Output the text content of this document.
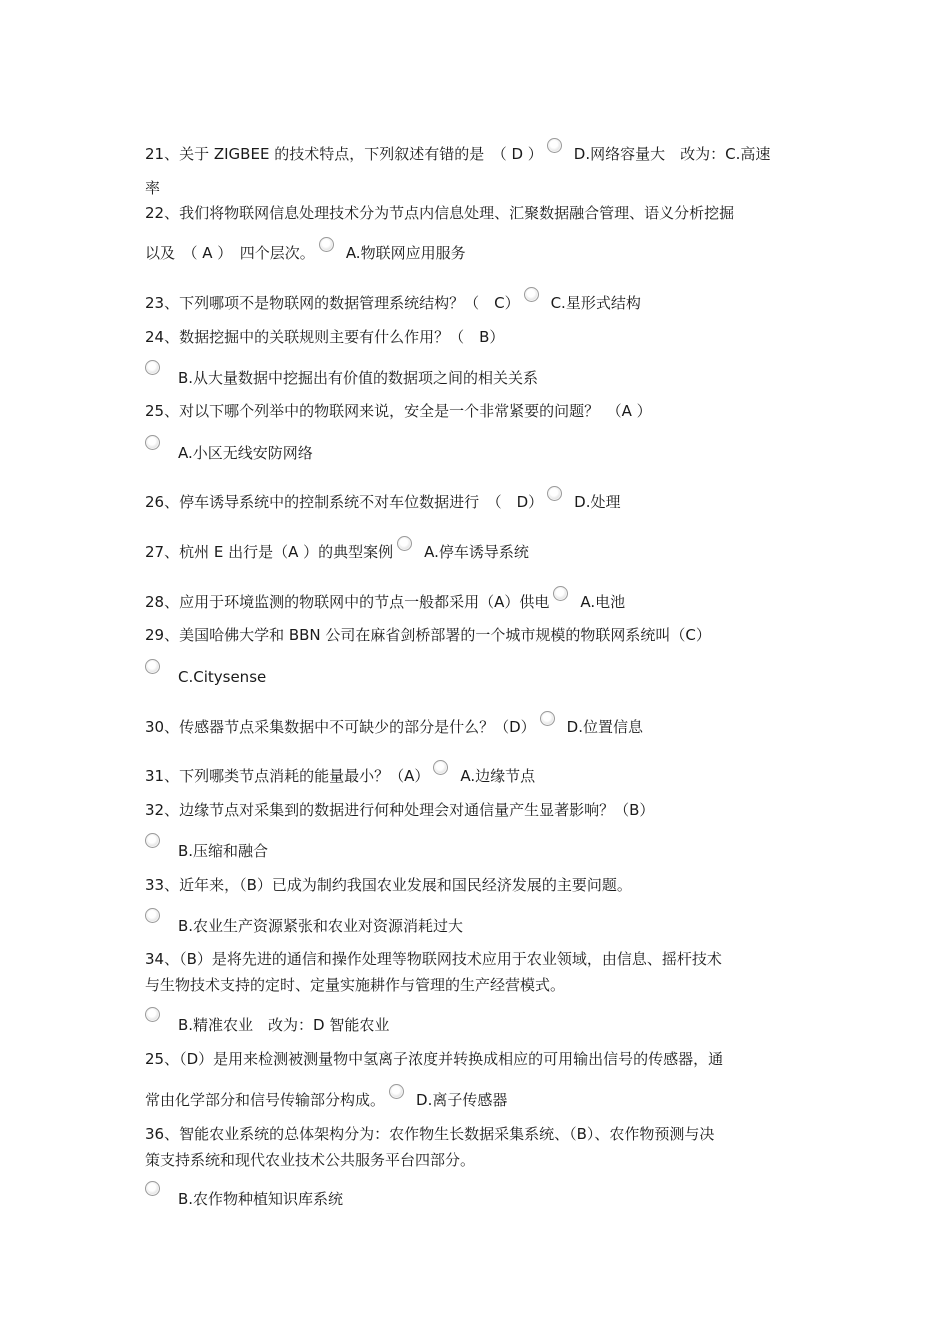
21、关于 ZIGBEE 的技术特点，下列叙述有错的是　（ D ） D.网络容量大　改为：C.高速
率
22、我们将物联网信息处理技术分为节点内信息处理、汇聚数据融合管理、语义分析挖掘
以及　（ A ）　四个层次。 A.物联网应用服务
23、下列哪项不是物联网的数据管理系统结构？（　C） C.星形式结构
24、数据挖掘中的关联规则主要有什么作用？（　B）
B.从大量数据中挖掘出有价值的数据项之间的相关关系
25、对以下哪个列举中的物联网来说，安全是一个非常紧要的问题？　（A ）
A.小区无线安防网络
26、停车诱导系统中的控制系统不对车位数据进行　（　D） D.处理
27、杭州 E 出行是（A ）的典型案例 A.停车诱导系统
28、应用于环境监测的物联网中的节点一般都采用（A）供电 A.电池
29、美国哈佛大学和 BBN 公司在麻省剑桥部署的一个城市规模的物联网系统叫（C）
C.Citysense
30、传感器节点采集数据中不可缺少的部分是什么？（D） D.位置信息
31、下列哪类节点消耗的能量最小？（A） A.边缘节点
32、边缘节点对采集到的数据进行何种处理会对通信量产生显著影响？（B）
B.压缩和融合
33、近年来，（B）已成为制约我国农业发展和国民经济发展的主要问题。
B.农业生产资源紧张和农业对资源消耗过大
34、（B）是将先进的通信和操作处理等物联网技术应用于农业领域，由信息、摇杆技术
与生物技术支持的定时、定量实施耕作与管理的生产经营模式。
B.精准农业　改为：D 智能农业
25、（D）是用来检测被测量物中氢离子浓度并转换成相应的可用输出信号的传感器，通
常由化学部分和信号传输部分构成。 D.离子传感器
36、智能农业系统的总体架构分为：农作物生长数据采集系统、（B）、农作物预测与决
策支持系统和现代农业技术公共服务平台四部分。
B.农作物种植知识库系统
